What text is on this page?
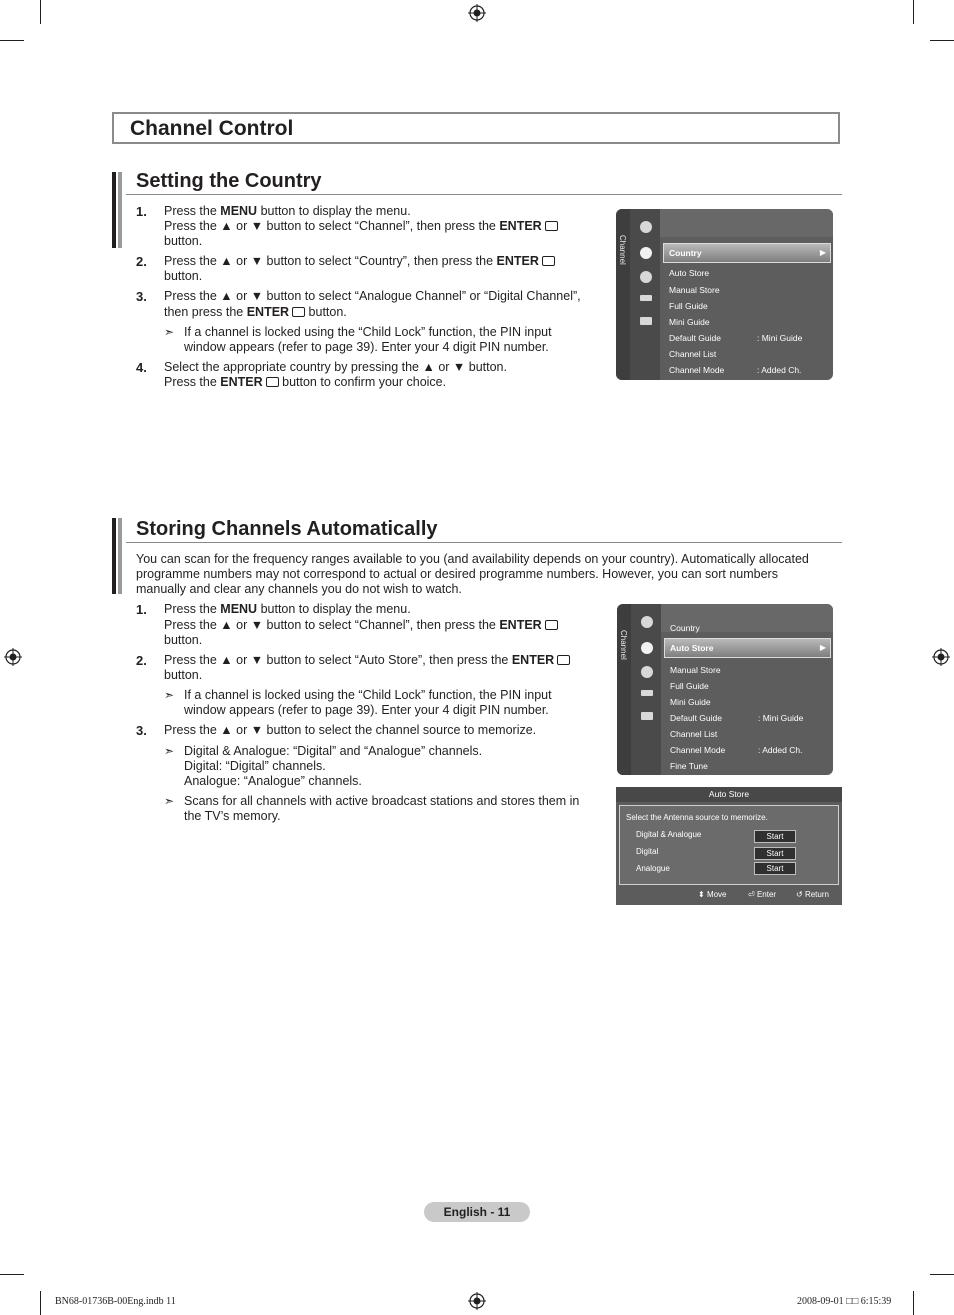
Channel Control
Setting the Country
1. Press the MENU button to display the menu.
Press the ▲ or ▼ button to select “Channel”, then press the ENTER
button.
2. Press the ▲ or ▼ button to select “Country”, then press the ENTER
button.
3. Press the ▲ or ▼ button to select “Analogue Channel” or “Digital Channel”,
then press the ENTER button.
➣ If a channel is locked using the “Child Lock” function, the PIN input
window appears (refer to page 39). Enter your 4 digit PIN number.
4. Select the appropriate country by pressing the ▲ or ▼ button.
Press the ENTER button to confirm your choice.
Channel	Country	▶
Auto Store
Manual Store
Full Guide
Mini Guide
Default Guide	: Mini Guide
Channel List
Channel Mode	: Added Ch.
Storing Channels Automatically
You can scan for the frequency ranges available to you (and availability depends on your country). Automatically allocated
programme numbers may not correspond to actual or desired programme numbers. However, you can sort numbers
manually and clear any channels you do not wish to watch.
1. Press the MENU button to display the menu.
Press the ▲ or ▼ button to select “Channel”, then press the ENTER
button.
2. Press the ▲ or ▼ button to select “Auto Store”, then press the ENTER
button.
➣ If a channel is locked using the “Child Lock” function, the PIN input
window appears (refer to page 39). Enter your 4 digit PIN number.
3. Press the ▲ or ▼ button to select the channel source to memorize.
➣ Digital & Analogue: “Digital” and “Analogue” channels.
Digital: “Digital” channels.
Analogue: “Analogue” channels.
➣ Scans for all channels with active broadcast stations and stores them in
the TV’s memory.
Channel
Country
Auto Store	▶
Manual Store
Full Guide
Mini Guide
Default Guide	: Mini Guide
Channel List
Channel Mode	: Added Ch.
Fine Tune
Auto Store
Select the Antenna source to memorize.
Digital & Analogue	Start
Digital	Start
Analogue	Start
⬍ Move	⏎ Enter ↺ Return
English - 11
BN68-01736B-00Eng.indb 11	2008-09-01 □□ 6:15:39
